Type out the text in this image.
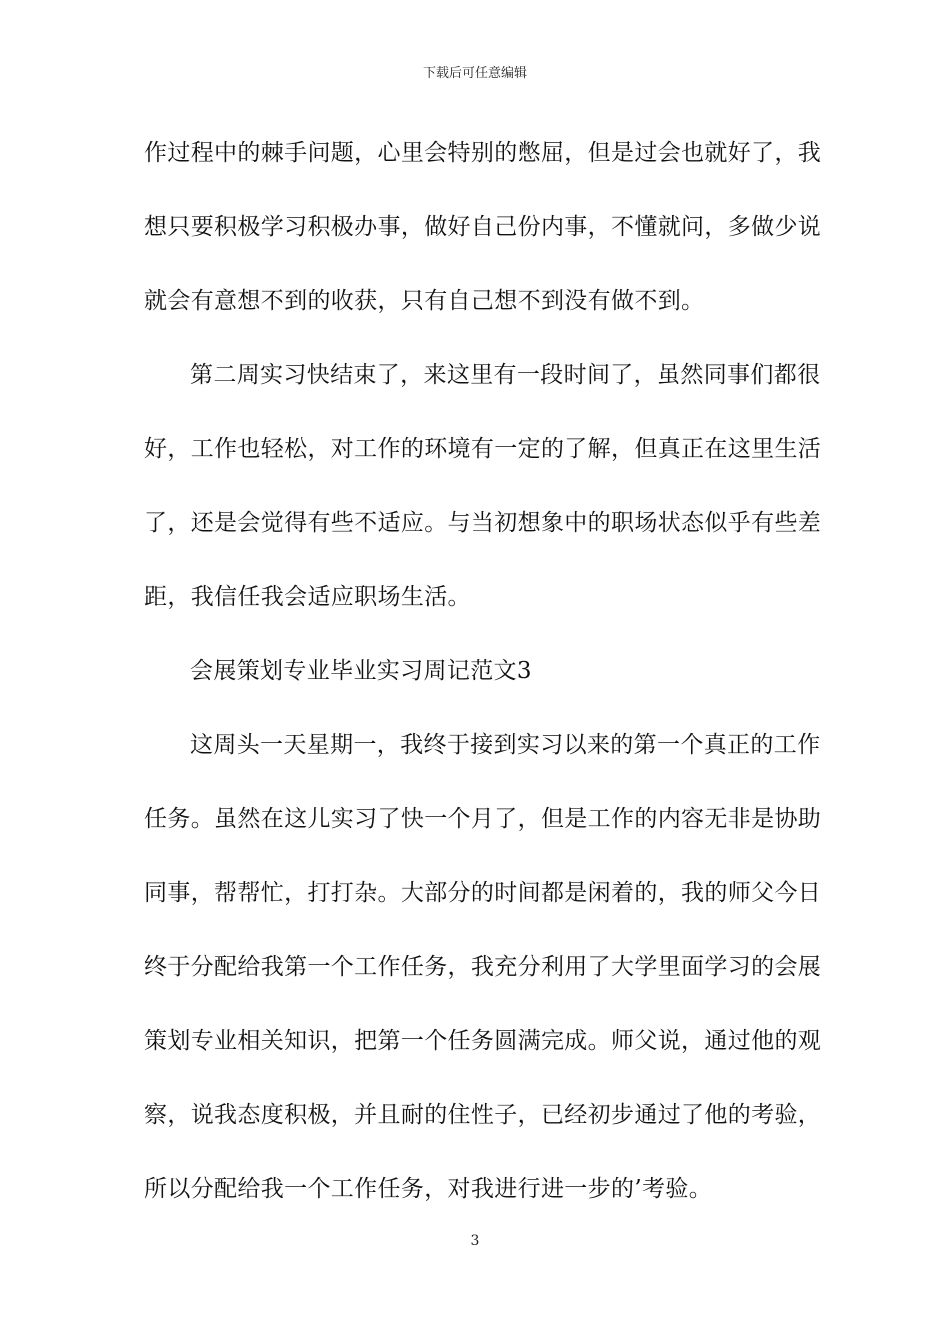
下载后可任意编辑
作过程中的棘手问题，心里会特别的憋屈，但是过会也就好了，我
想只要积极学习积极办事，做好自己份内事，不懂就问，多做少说
就会有意想不到的收获，只有自己想不到没有做不到。
第二周实习快结束了，来这里有一段时间了，虽然同事们都很
好，工作也轻松，对工作的环境有一定的了解，但真正在这里生活
了，还是会觉得有些不适应。与当初想象中的职场状态似乎有些差
距，我信任我会适应职场生活。
会展策划专业毕业实习周记范文3
这周头一天星期一，我终于接到实习以来的第一个真正的工作
任务。虽然在这儿实习了快一个月了，但是工作的内容无非是协助
同事，帮帮忙，打打杂。大部分的时间都是闲着的，我的师父今日
终于分配给我第一个工作任务，我充分利用了大学里面学习的会展
策划专业相关知识，把第一个任务圆满完成。师父说，通过他的观
察，说我态度积极，并且耐的住性子，已经初步通过了他的考验，
所以分配给我一个工作任务，对我进行进一步的’考验。
3
